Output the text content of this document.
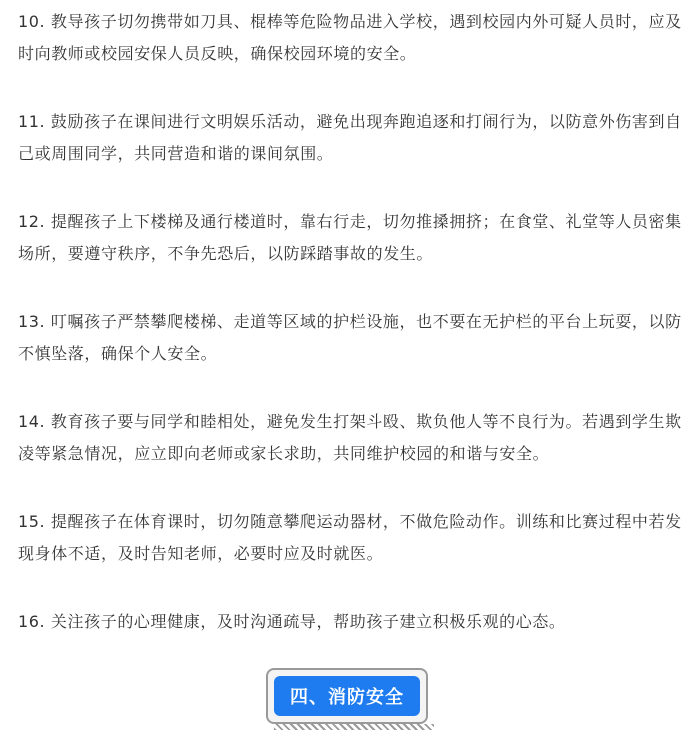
10. 教导孩子切勿携带如刀具、棍棒等危险物品进入学校，遇到校园内外可疑人员时，应及时向教师或校园安保人员反映，确保校园环境的安全。

11. 鼓励孩子在课间进行文明娱乐活动，避免出现奔跑追逐和打闹行为，以防意外伤害到自己或周围同学，共同营造和谐的课间氛围。

12. 提醒孩子上下楼梯及通行楼道时，靠右行走，切勿推搡拥挤；在食堂、礼堂等人员密集场所，要遵守秩序，不争先恐后，以防踩踏事故的发生。

13. 叮嘱孩子严禁攀爬楼梯、走道等区域的护栏设施，也不要在无护栏的平台上玩耍，以防不慎坠落，确保个人安全。

14. 教育孩子要与同学和睦相处，避免发生打架斗殴、欺负他人等不良行为。若遇到学生欺凌等紧急情况，应立即向老师或家长求助，共同维护校园的和谐与安全。

15. 提醒孩子在体育课时，切勿随意攀爬运动器材，不做危险动作。训练和比赛过程中若发现身体不适，及时告知老师，必要时应及时就医。

16. 关注孩子的心理健康，及时沟通疏导，帮助孩子建立积极乐观的心态。

四、消防安全
